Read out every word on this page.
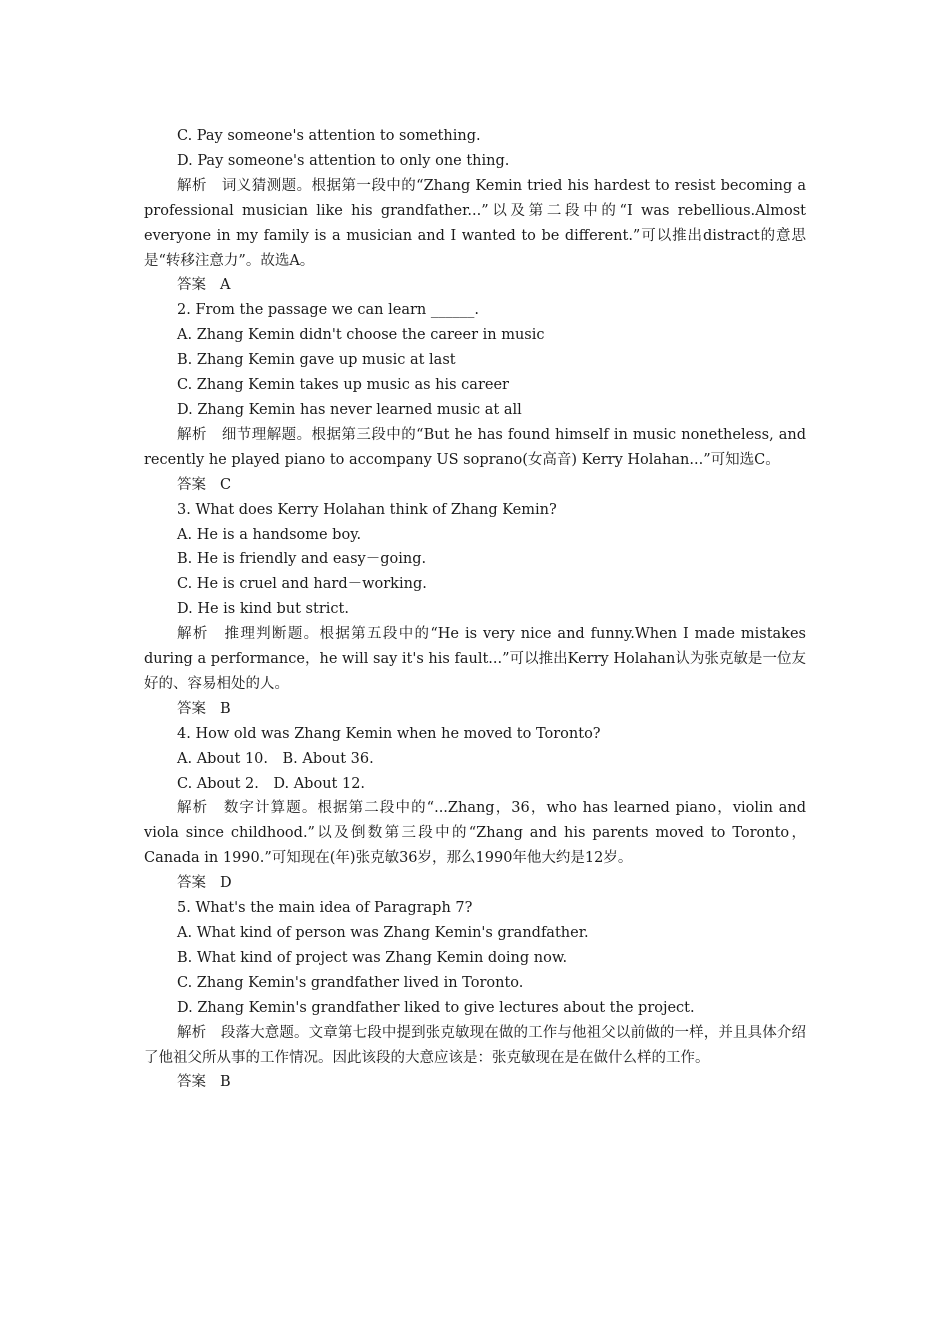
C. Pay someone's attention to something.

D. Pay someone's attention to only one thing.

解析　词义猜测题。根据第一段中的“Zhang Kemin tried his hardest to resist becoming a professional musician like his grandfather...”以及第二段中的“I was rebellious.Almost everyone in my family is a musician and I wanted to be different.”可以推出distract的意思是“转移注意力”。故选A。

答案 A

2. From the passage we can learn ______.

A. Zhang Kemin didn't choose the career in music

B. Zhang Kemin gave up music at last

C. Zhang Kemin takes up music as his career

D. Zhang Kemin has never learned music at all

解析　细节理解题。根据第三段中的“But he has found himself in music nonetheless, and recently he played piano to accompany US soprano(女高音) Kerry Holahan...”可知选C。

答案 C

3. What does Kerry Holahan think of Zhang Kemin?

A. He is a handsome boy.

B. He is friendly and easy－going.

C. He is cruel and hard－working.

D. He is kind but strict.

解析　推理判断题。根据第五段中的“He is very nice and funny.When I made mistakes during a performance，he will say it's his fault...”可以推出Kerry Holahan认为张克敏是一位友好的、容易相处的人。

答案 B

4. How old was Zhang Kemin when he moved to Toronto?

A. About 10.　B. About 36.

C. About 2.　D. About 12.

解析　数字计算题。根据第二段中的“...Zhang，36，who has learned piano，violin and viola since childhood.”以及倒数第三段中的“Zhang and his parents moved to Toronto，Canada in 1990.”可知现在(年)张克敏36岁，那么1990年他大约是12岁。

答案 D

5. What's the main idea of Paragraph 7?

A. What kind of person was Zhang Kemin's grandfather.

B. What kind of project was Zhang Kemin doing now.

C. Zhang Kemin's grandfather lived in Toronto.

D. Zhang Kemin's grandfather liked to give lectures about the project.

解析　段落大意题。文章第七段中提到张克敏现在做的工作与他祖父以前做的一样，并且具体介绍了他祖父所从事的工作情况。因此该段的大意应该是：张克敏现在是在做什么样的工作。

答案 B
